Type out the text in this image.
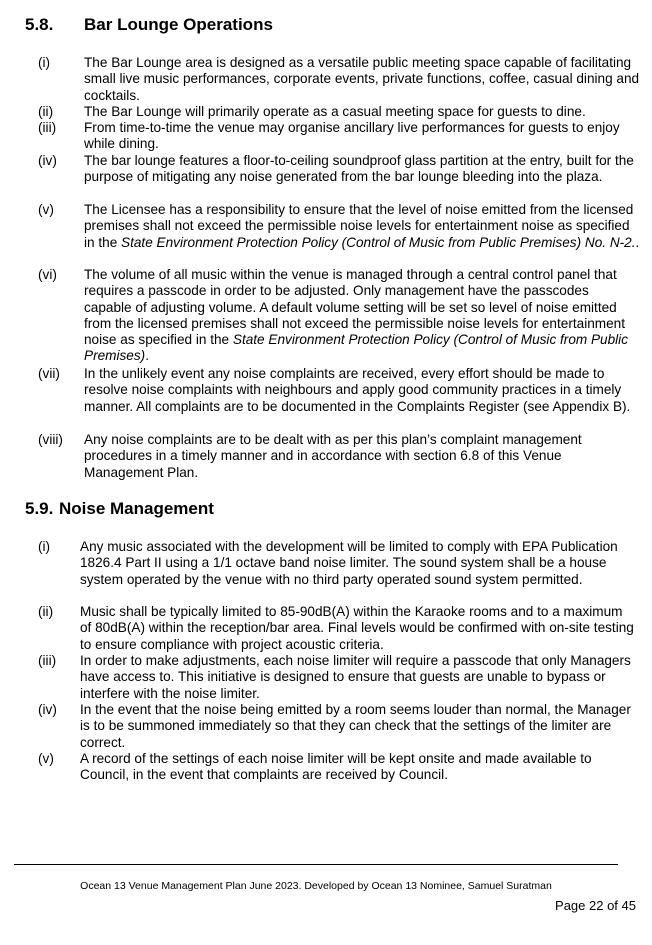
5.8. Bar Lounge Operations
(i) The Bar Lounge area is designed as a versatile public meeting space capable of facilitating small live music performances, corporate events, private functions, coffee, casual dining and cocktails.
(ii) The Bar Lounge will primarily operate as a casual meeting space for guests to dine.
(iii) From time-to-time the venue may organise ancillary live performances for guests to enjoy while dining.
(iv) The bar lounge features a floor-to-ceiling soundproof glass partition at the entry, built for the purpose of mitigating any noise generated from the bar lounge bleeding into the plaza.
(v) The Licensee has a responsibility to ensure that the level of noise emitted from the licensed premises shall not exceed the permissible noise levels for entertainment noise as specified in the State Environment Protection Policy (Control of Music from Public Premises) No. N-2..
(vi) The volume of all music within the venue is managed through a central control panel that requires a passcode in order to be adjusted. Only management have the passcodes capable of adjusting volume. A default volume setting will be set so level of noise emitted from the licensed premises shall not exceed the permissible noise levels for entertainment noise as specified in the State Environment Protection Policy (Control of Music from Public Premises).
(vii) In the unlikely event any noise complaints are received, every effort should be made to resolve noise complaints with neighbours and apply good community practices in a timely manner. All complaints are to be documented in the Complaints Register (see Appendix B).
(viii) Any noise complaints are to be dealt with as per this plan’s complaint management procedures in a timely manner and in accordance with section 6.8 of this Venue Management Plan.
5.9. Noise Management
(i) Any music associated with the development will be limited to comply with EPA Publication 1826.4 Part II using a 1/1 octave band noise limiter. The sound system shall be a house system operated by the venue with no third party operated sound system permitted.
(ii) Music shall be typically limited to 85-90dB(A) within the Karaoke rooms and to a maximum of 80dB(A) within the reception/bar area. Final levels would be confirmed with on-site testing to ensure compliance with project acoustic criteria.
(iii) In order to make adjustments, each noise limiter will require a passcode that only Managers have access to. This initiative is designed to ensure that guests are unable to bypass or interfere with the noise limiter.
(iv) In the event that the noise being emitted by a room seems louder than normal, the Manager is to be summoned immediately so that they can check that the settings of the limiter are correct.
(v) A record of the settings of each noise limiter will be kept onsite and made available to Council, in the event that complaints are received by Council.
Ocean 13 Venue Management Plan June 2023. Developed by Ocean 13 Nominee, Samuel Suratman
Page 22 of 45
